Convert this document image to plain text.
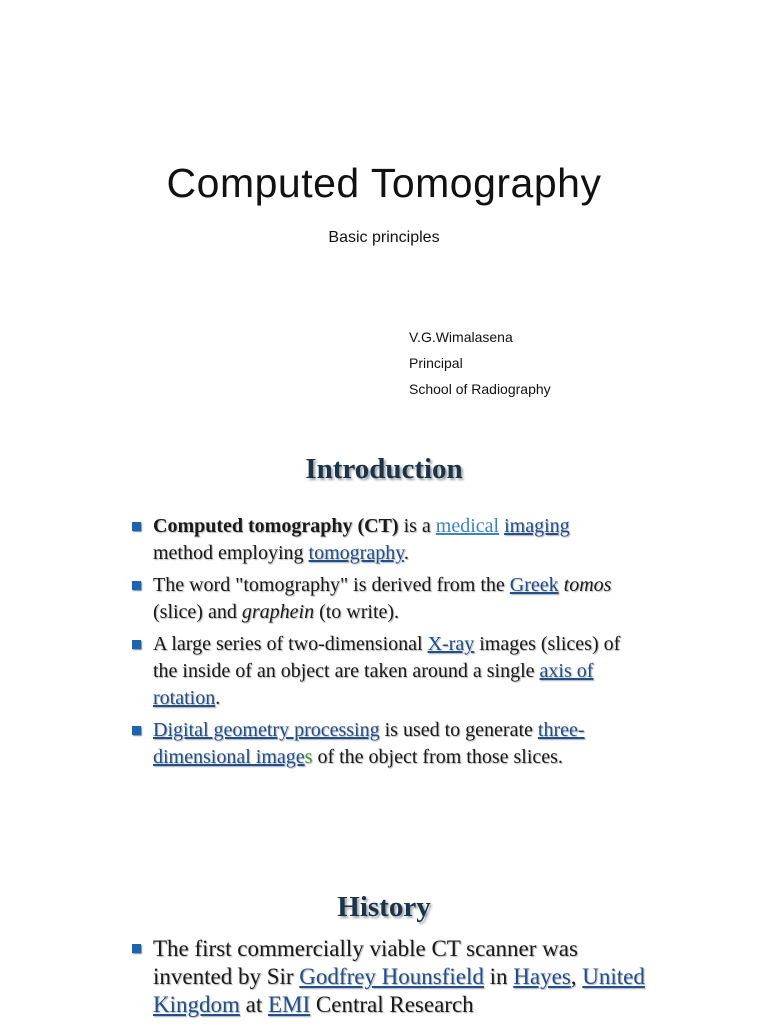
Computed Tomography
Basic principles
V.G.Wimalasena
Principal
School of Radiography
Introduction
Computed tomography (CT) is a medical imaging method employing tomography.
The word "tomography" is derived from the Greek tomos (slice) and graphein (to write).
A large series of two-dimensional X-ray images (slices) of the inside of an object are taken around a single axis of rotation.
Digital geometry processing is used to generate three-dimensional images of the object from those slices.
History
The first commercially viable CT scanner was invented by Sir Godfrey Hounsfield in Hayes, United Kingdom at EMI Central Research
